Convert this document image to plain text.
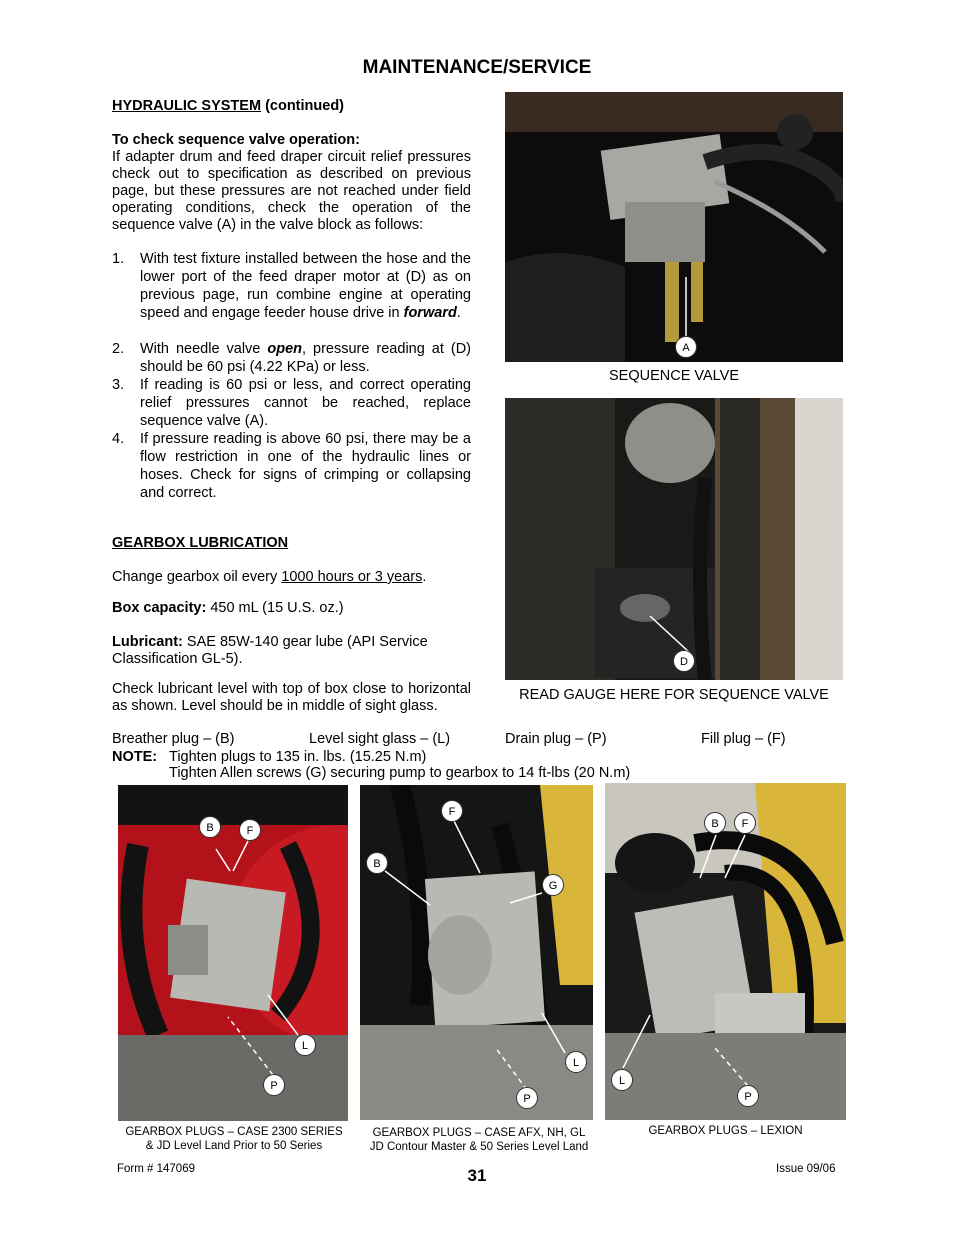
MAINTENANCE/SERVICE
HYDRAULIC SYSTEM (continued)
To check sequence valve operation:
If adapter drum and feed draper circuit relief pressures check out to specification as described on previous page, but these pressures are not reached under field operating conditions, check the operation of the sequence valve (A) in the valve block as follows:
1. With test fixture installed between the hose and the lower port of the feed draper motor at (D) as on previous page, run combine engine at operating speed and engage feeder house drive in forward.
2. With needle valve open, pressure reading at (D) should be 60 psi (4.22 KPa) or less.
3. If reading is 60 psi or less, and correct operating relief pressures cannot be reached, replace sequence valve (A).
4. If pressure reading is above 60 psi, there may be a flow restriction in one of the hydraulic lines or hoses. Check for signs of crimping or collapsing and correct.
GEARBOX LUBRICATION
Change gearbox oil every 1000 hours or 3 years.
Box capacity: 450 mL (15 U.S. oz.)
Lubricant: SAE 85W-140 gear lube (API Service Classification GL-5).
Check lubricant level with top of box close to horizontal as shown. Level should be in middle of sight glass.
Breather plug – (B)	Level sight glass – (L)	Drain plug – (P)	Fill plug – (F)
NOTE: Tighten plugs to 135 in. lbs. (15.25 N.m)
Tighten Allen screws (G) securing pump to gearbox to 14 ft-lbs (20 N.m)
A
SEQUENCE VALVE
D
READ GAUGE HERE FOR SEQUENCE VALVE
B	F
L
P
GEARBOX PLUGS – CASE 2300 SERIES
& JD Level Land Prior to 50 Series
F
B
G
L
P
GEARBOX PLUGS – CASE AFX, NH, GL
JD Contour Master & 50 Series Level Land
B	F
L
P
GEARBOX PLUGS – LEXION
Form # 147069	31	Issue 09/06
